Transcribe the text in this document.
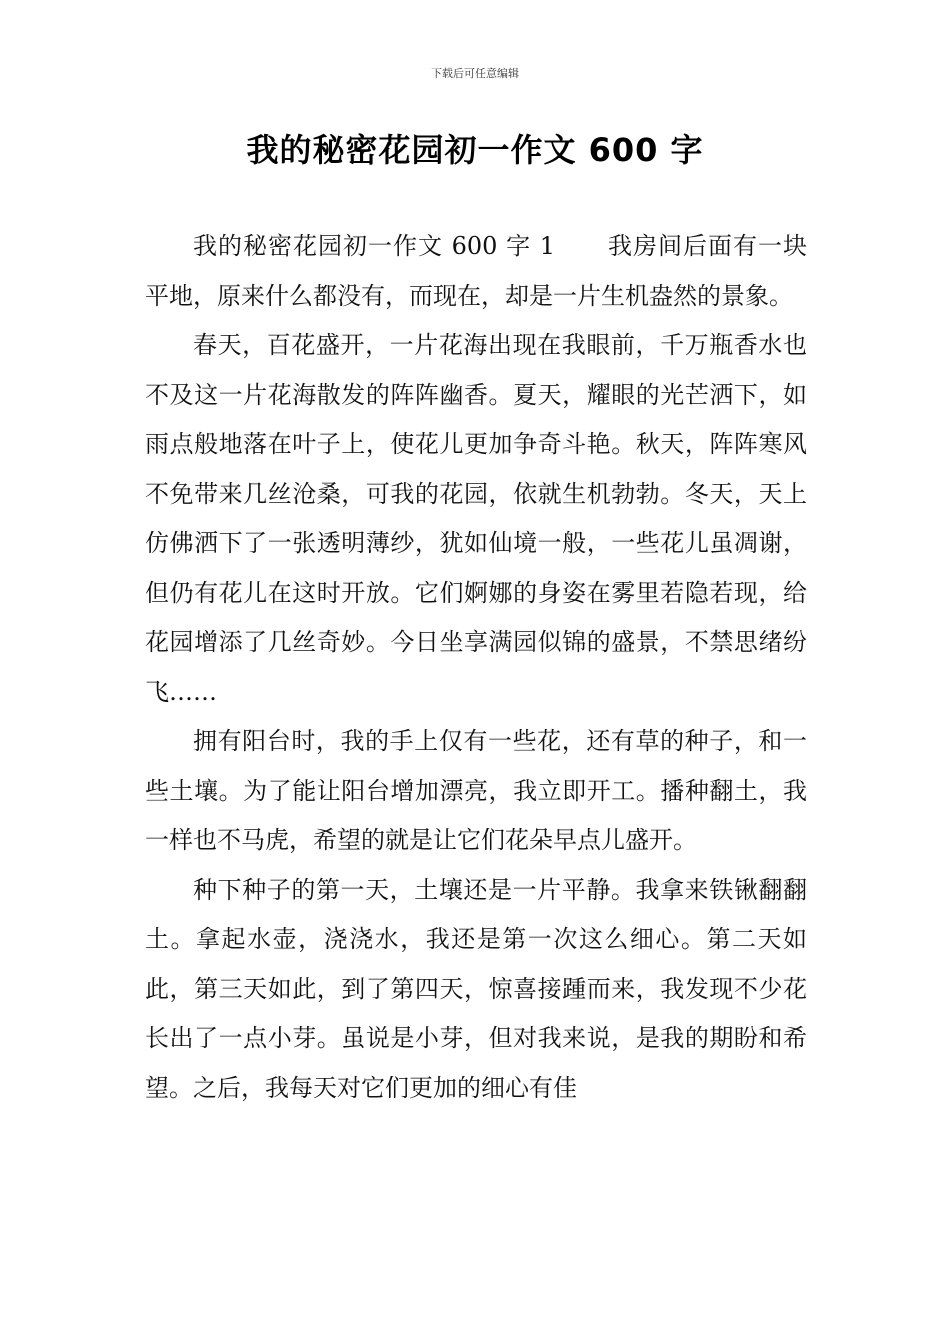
下载后可任意编辑
我的秘密花园初一作文 600 字

我的秘密花园初一作文 600 字 1 我房间后面有一块平地，原来什么都没有，而现在，却是一片生机盎然的景象。

春天，百花盛开，一片花海出现在我眼前，千万瓶香水也不及这一片花海散发的阵阵幽香。夏天，耀眼的光芒洒下，如雨点般地落在叶子上，使花儿更加争奇斗艳。秋天，阵阵寒风不免带来几丝沧桑，可我的花园，依就生机勃勃。冬天，天上仿佛洒下了一张透明薄纱，犹如仙境一般，一些花儿虽凋谢，但仍有花儿在这时开放。它们婀娜的身姿在雾里若隐若现，给花园增添了几丝奇妙。今日坐享满园似锦的盛景，不禁思绪纷飞……

拥有阳台时，我的手上仅有一些花，还有草的种子，和一些土壤。为了能让阳台增加漂亮，我立即开工。播种翻土，我一样也不马虎，希望的就是让它们花朵早点儿盛开。

种下种子的第一天，土壤还是一片平静。我拿来铁锹翻翻土。拿起水壶，浇浇水，我还是第一次这么细心。第二天如此，第三天如此，到了第四天，惊喜接踵而来，我发现不少花长出了一点小芽。虽说是小芽，但对我来说，是我的期盼和希望。之后，我每天对它们更加的细心有佳
